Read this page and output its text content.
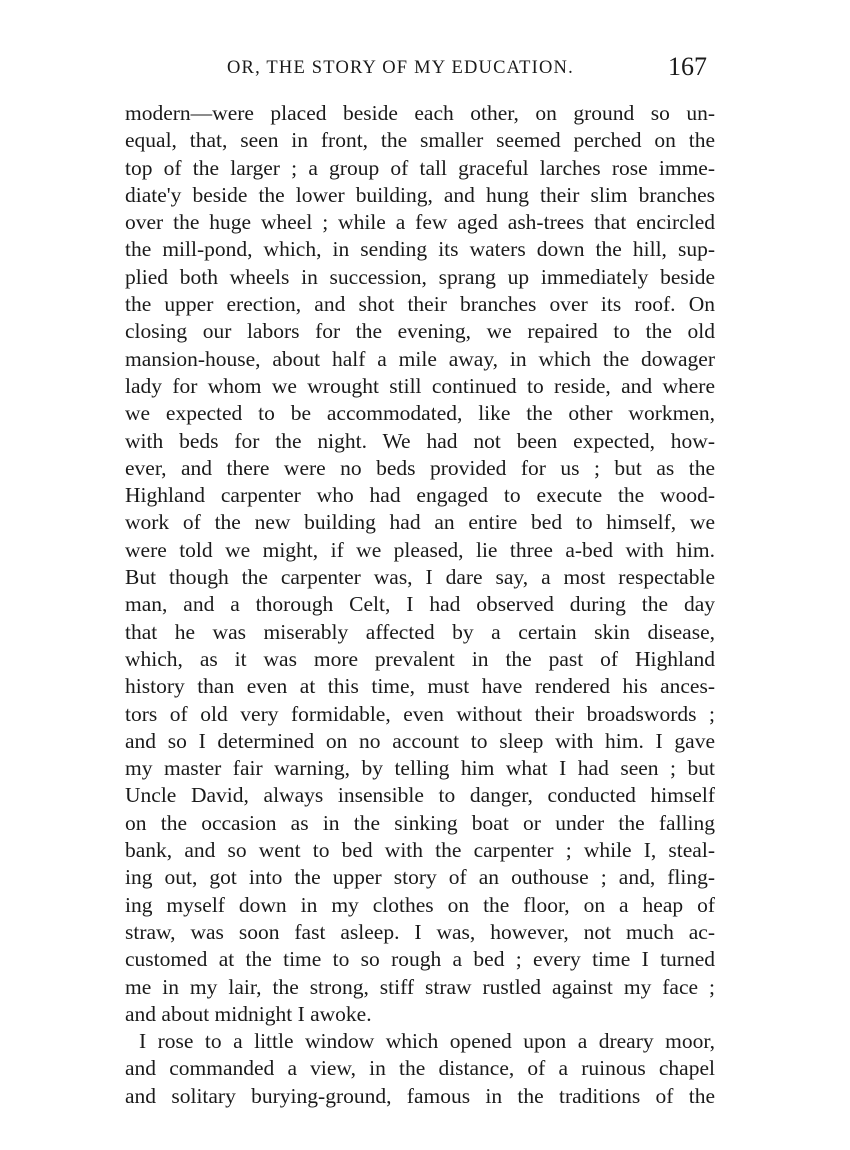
OR, THE STORY OF MY EDUCATION.	167
modern—were placed beside each other, on ground so un-
equal, that, seen in front, the smaller seemed perched on the
top of the larger ; a group of tall graceful larches rose imme-
diate'y beside the lower building, and hung their slim branches
over the huge wheel ; while a few aged ash-trees that encircled
the mill-pond, which, in sending its waters down the hill, sup-
plied both wheels in succession, sprang up immediately beside
the upper erection, and shot their branches over its roof. On
closing our labors for the evening, we repaired to the old
mansion-house, about half a mile away, in which the dowager
lady for whom we wrought still continued to reside, and where
we expected to be accommodated, like the other workmen,
with beds for the night. We had not been expected, how-
ever, and there were no beds provided for us ; but as the
Highland carpenter who had engaged to execute the wood-
work of the new building had an entire bed to himself, we
were told we might, if we pleased, lie three a-bed with him.
But though the carpenter was, I dare say, a most respectable
man, and a thorough Celt, I had observed during the day
that he was miserably affected by a certain skin disease,
which, as it was more prevalent in the past of Highland
history than even at this time, must have rendered his ances-
tors of old very formidable, even without their broadswords ;
and so I determined on no account to sleep with him. I gave
my master fair warning, by telling him what I had seen ; but
Uncle David, always insensible to danger, conducted himself
on the occasion as in the sinking boat or under the falling
bank, and so went to bed with the carpenter ; while I, steal-
ing out, got into the upper story of an outhouse ; and, fling-
ing myself down in my clothes on the floor, on a heap of
straw, was soon fast asleep. I was, however, not much ac-
customed at the time to so rough a bed ; every time I turned
me in my lair, the strong, stiff straw rustled against my face ;
and about midnight I awoke.
I rose to a little window which opened upon a dreary moor,
and commanded a view, in the distance, of a ruinous chapel
and solitary burying-ground, famous in the traditions of the
